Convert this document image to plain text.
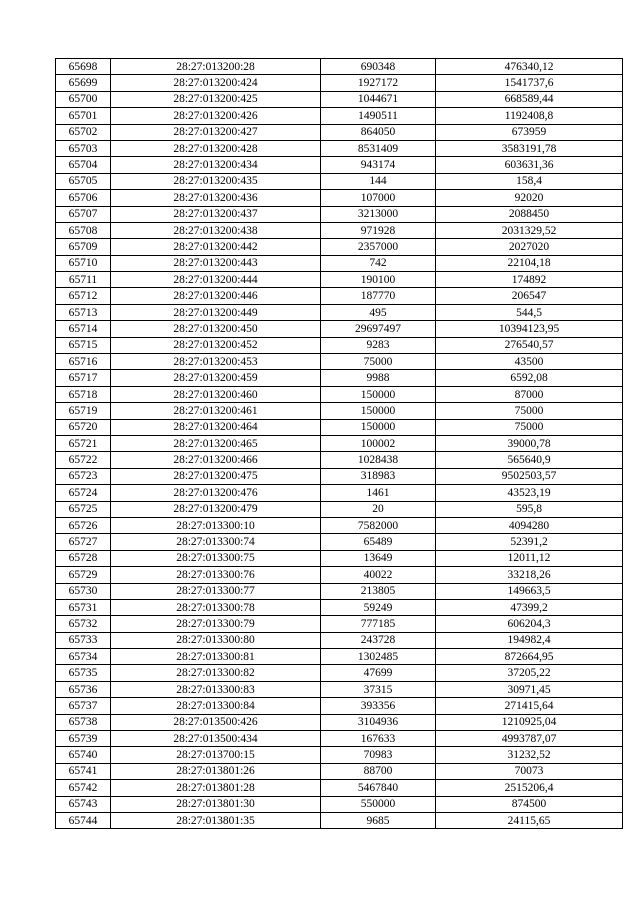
65698	28:27:013200:28	690348	476340,12
65699	28:27:013200:424	1927172	1541737,6
65700	28:27:013200:425	1044671	668589,44
65701	28:27:013200:426	1490511	1192408,8
65702	28:27:013200:427	864050	673959
65703	28:27:013200:428	8531409	3583191,78
65704	28:27:013200:434	943174	603631,36
65705	28:27:013200:435	144	158,4
65706	28:27:013200:436	107000	92020
65707	28:27:013200:437	3213000	2088450
65708	28:27:013200:438	971928	2031329,52
65709	28:27:013200:442	2357000	2027020
65710	28:27:013200:443	742	22104,18
65711	28:27:013200:444	190100	174892
65712	28:27:013200:446	187770	206547
65713	28:27:013200:449	495	544,5
65714	28:27:013200:450	29697497	10394123,95
65715	28:27:013200:452	9283	276540,57
65716	28:27:013200:453	75000	43500
65717	28:27:013200:459	9988	6592,08
65718	28:27:013200:460	150000	87000
65719	28:27:013200:461	150000	75000
65720	28:27:013200:464	150000	75000
65721	28:27:013200:465	100002	39000,78
65722	28:27:013200:466	1028438	565640,9
65723	28:27:013200:475	318983	9502503,57
65724	28:27:013200:476	1461	43523,19
65725	28:27:013200:479	20	595,8
65726	28:27:013300:10	7582000	4094280
65727	28:27:013300:74	65489	52391,2
65728	28:27:013300:75	13649	12011,12
65729	28:27:013300:76	40022	33218,26
65730	28:27:013300:77	213805	149663,5
65731	28:27:013300:78	59249	47399,2
65732	28:27:013300:79	777185	606204,3
65733	28:27:013300:80	243728	194982,4
65734	28:27:013300:81	1302485	872664,95
65735	28:27:013300:82	47699	37205,22
65736	28:27:013300:83	37315	30971,45
65737	28:27:013300:84	393356	271415,64
65738	28:27:013500:426	3104936	1210925,04
65739	28:27:013500:434	167633	4993787,07
65740	28:27:013700:15	70983	31232,52
65741	28:27:013801:26	88700	70073
65742	28:27:013801:28	5467840	2515206,4
65743	28:27:013801:30	550000	874500
65744	28:27:013801:35	9685	24115,65
